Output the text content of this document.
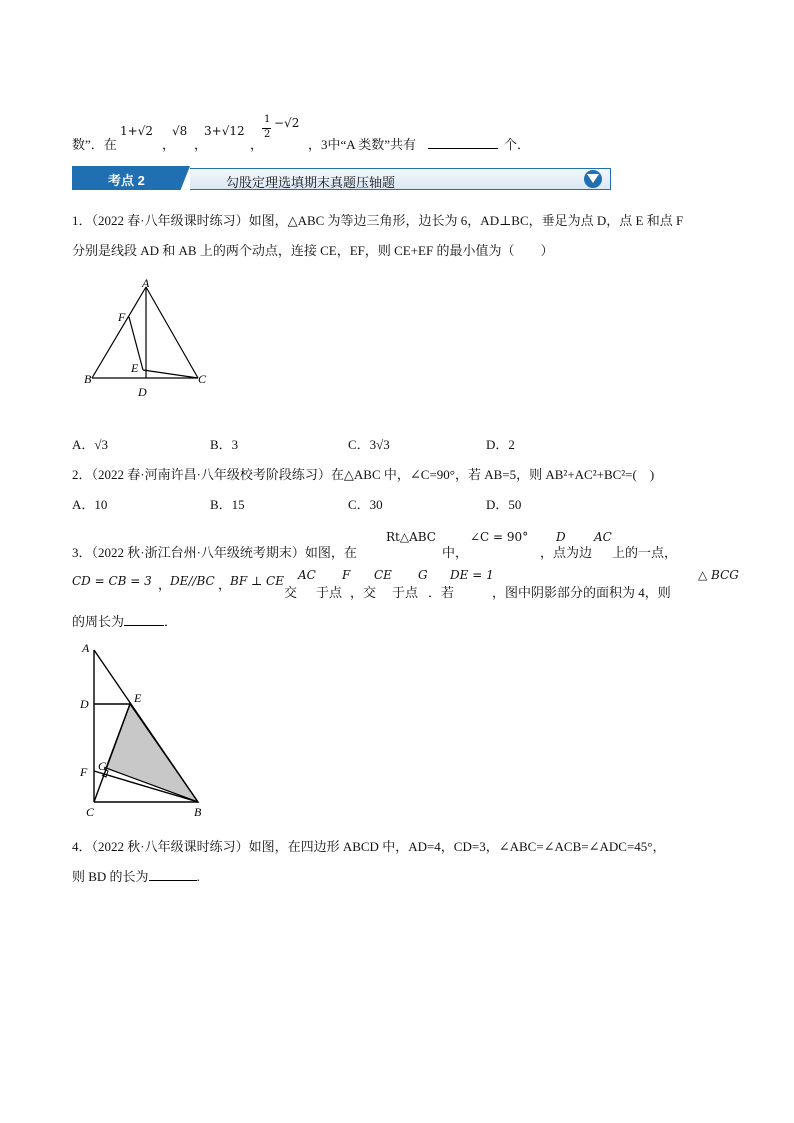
数”．在
1+√2
，
√8
，
3+√12
，
1
2
−√2
，3中“A 类数”共有	个．
考点 2	勾股定理选填期末真题压轴题
1．（2022 春·八年级课时练习）如图，△ABC 为等边三角形，边长为 6，AD⊥BC，垂足为点 D，点 E 和点 F
分别是线段 AD 和 AB 上的两个动点，连接 CE，EF，则 CE+EF 的最小值为（　　）
A
F
E
B	C
D
A．√3	B．3	C．3√3	D．2
2．（2022 春·河南许昌·八年级校考阶段练习）在△ABC 中，∠C=90°，若 AB=5，则 AB²+AC²+BC²=(　)
A．10	B．15	C．30	D．50
3．（2022 秋·浙江台州·八年级统考期末）如图，在
Rt△ABC
中，
∠C = 90°
，点
D
为边
AC
上的一点，
CD = CB = 3 ，
DE//BC ，
BF ⊥ CE
交
AC
于点
F
，交
CE
于点
G
．若
DE = 1
，图中阴影部分的面积为 4，则
△ BCG
的周长为	．
A
D	E
F G
C	B
4．（2022 秋·八年级课时练习）如图，在四边形 ABCD 中，AD=4，CD=3，∠ABC=∠ACB=∠ADC=45°，
则 BD 的长为	.
